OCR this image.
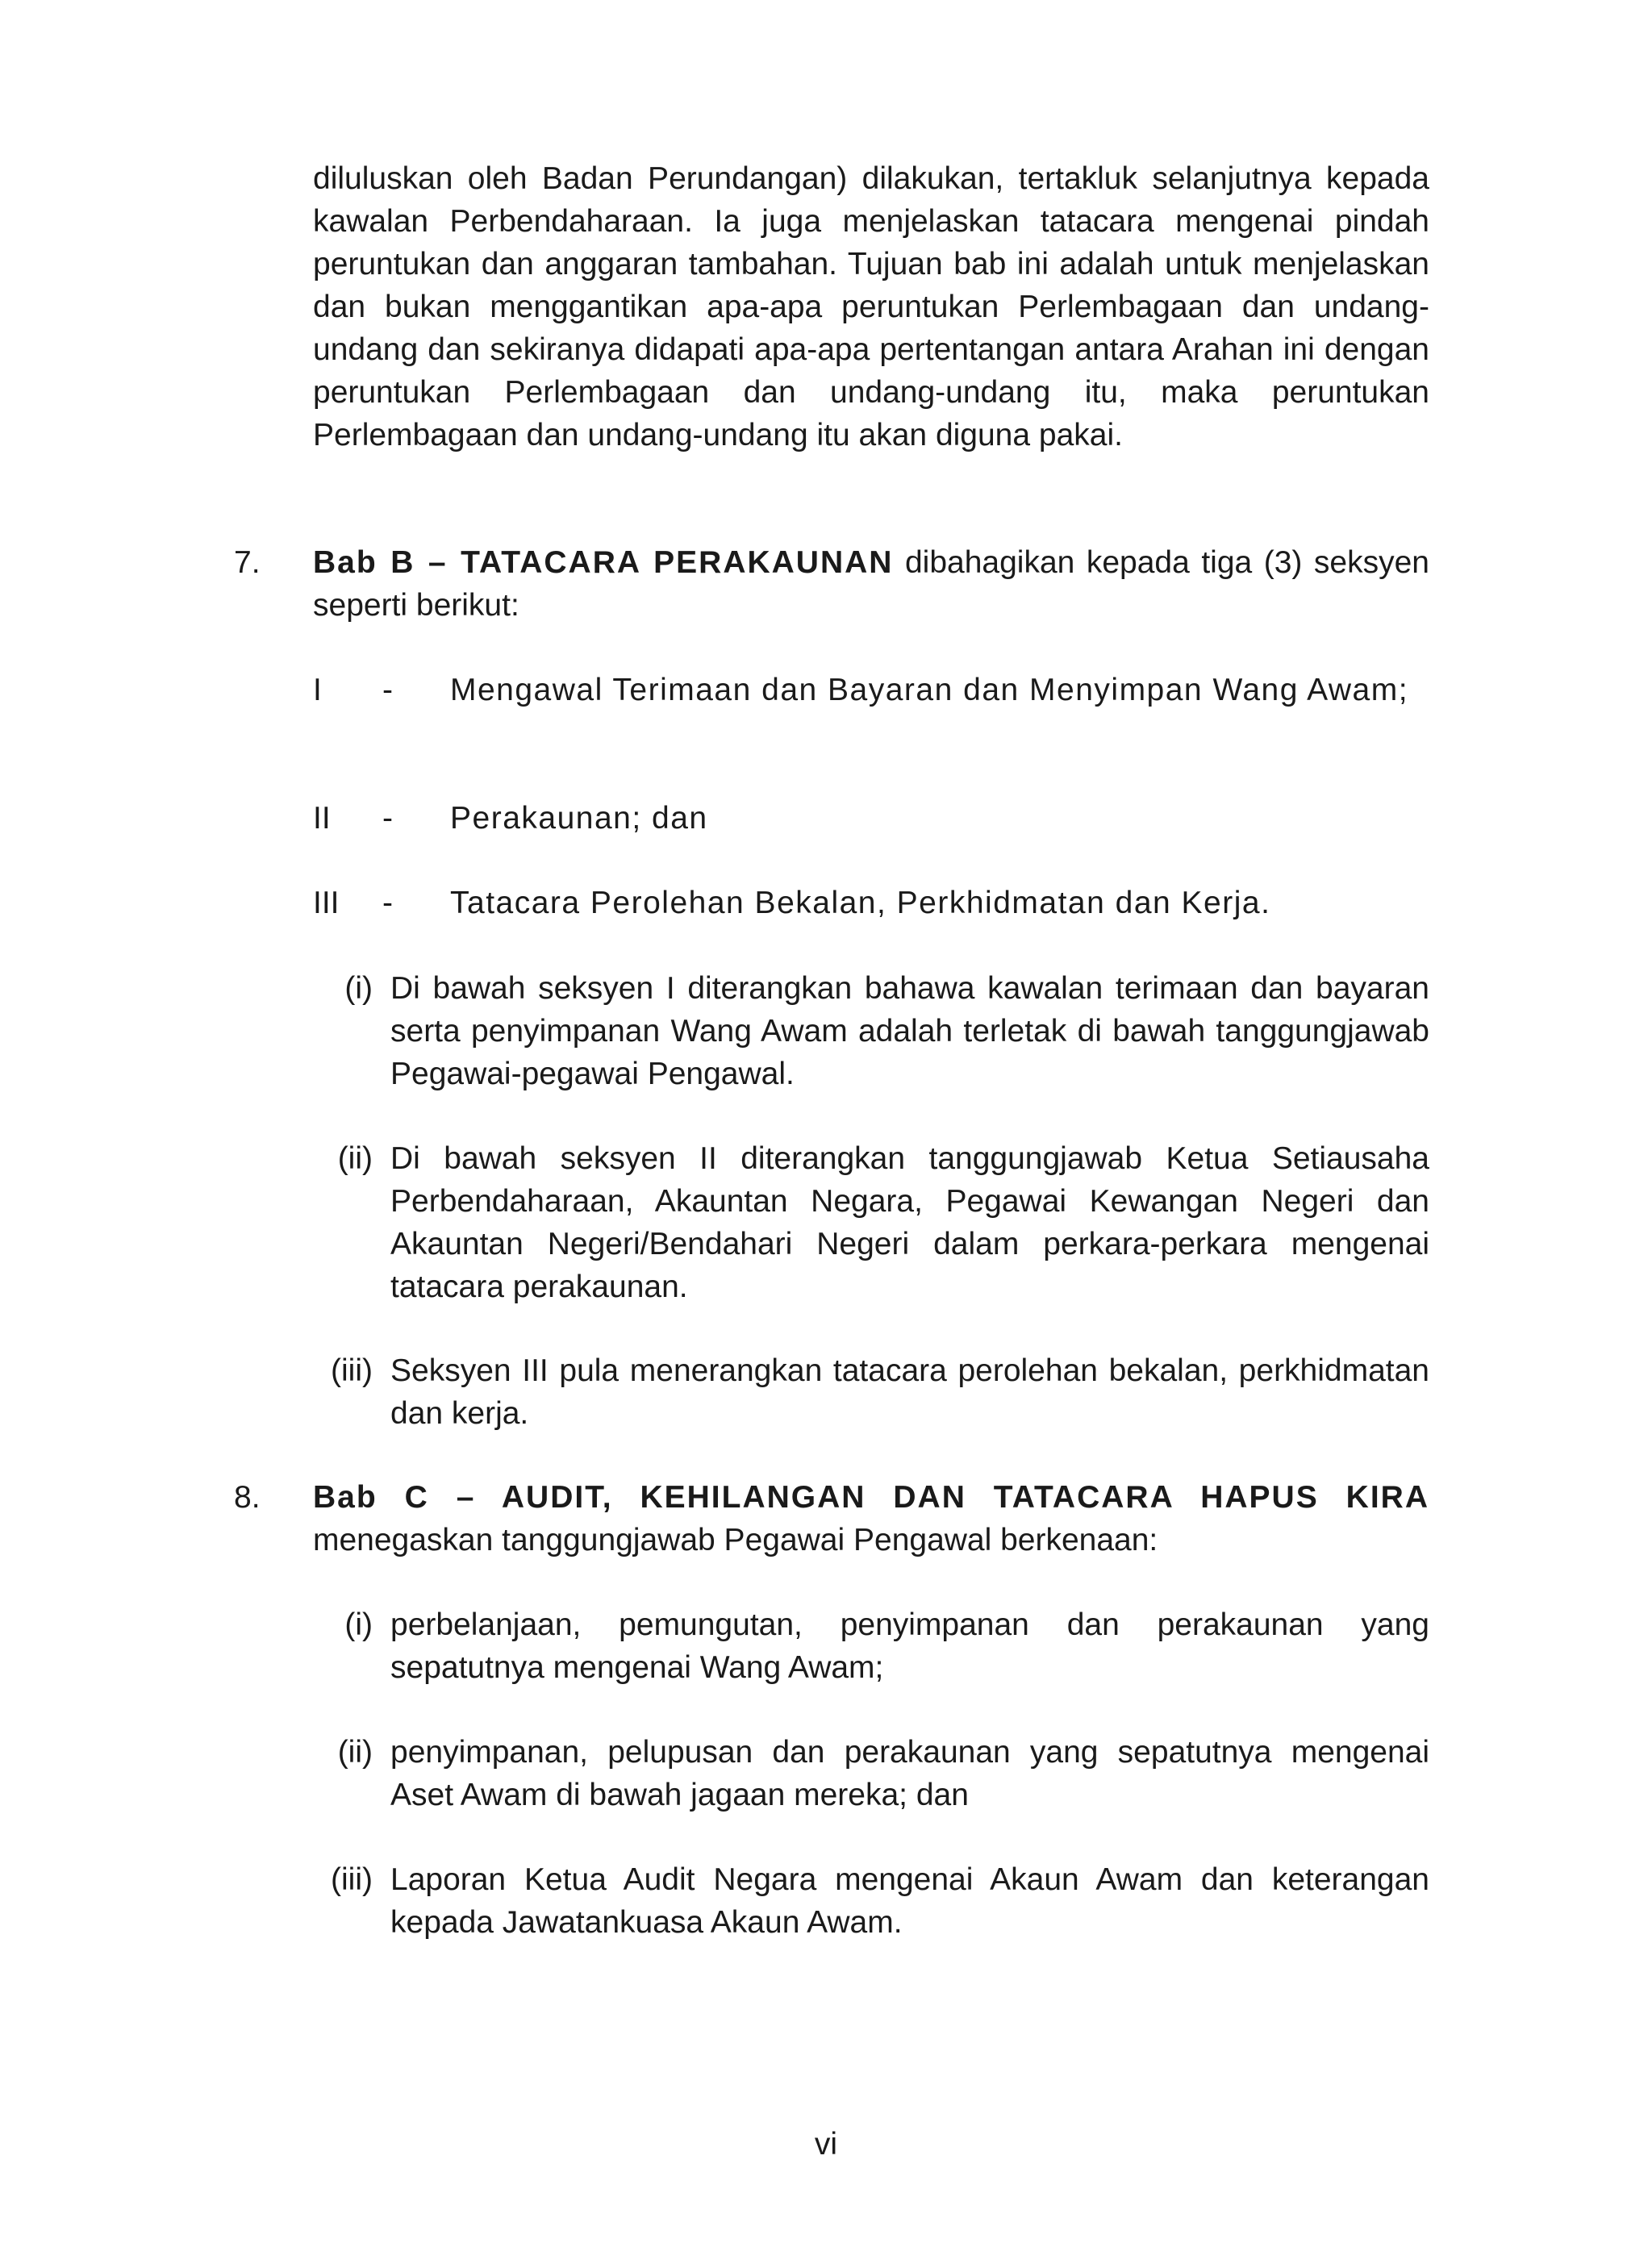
diluluskan oleh Badan Perundangan) dilakukan, tertakluk selanjutnya kepada kawalan Perbendaharaan. Ia juga menjelaskan tatacara mengenai pindah peruntukan dan anggaran tambahan. Tujuan bab ini adalah untuk menjelaskan dan bukan menggantikan apa-apa peruntukan Perlembagaan dan undang-undang dan sekiranya didapati apa-apa pertentangan antara Arahan ini dengan peruntukan Perlembagaan dan undang-undang itu, maka peruntukan Perlembagaan dan undang-undang itu akan diguna pakai.
7.	Bab B – TATACARA PERAKAUNAN dibahagikan kepada tiga (3) seksyen seperti berikut:
I	-	Mengawal Terimaan dan Bayaran dan Menyimpan Wang Awam;
II	-	Perakaunan; dan
III	-	Tatacara Perolehan Bekalan, Perkhidmatan dan Kerja.
(i) Di bawah seksyen I diterangkan bahawa kawalan terimaan dan bayaran serta penyimpanan Wang Awam adalah terletak di bawah tanggungjawab Pegawai-pegawai Pengawal.
(ii) Di bawah seksyen II diterangkan tanggungjawab Ketua Setiausaha Perbendaharaan, Akauntan Negara, Pegawai Kewangan Negeri dan Akauntan Negeri/Bendahari Negeri dalam perkara-perkara mengenai tatacara perakaunan.
(iii) Seksyen III pula menerangkan tatacara perolehan bekalan, perkhidmatan dan kerja.
8.	Bab C – AUDIT, KEHILANGAN DAN TATACARA HAPUS KIRA menegaskan tanggungjawab Pegawai Pengawal berkenaan:
(i) perbelanjaan, pemungutan, penyimpanan dan perakaunan yang sepatutnya mengenai Wang Awam;
(ii) penyimpanan, pelupusan dan perakaunan yang sepatutnya mengenai Aset Awam di bawah jagaan mereka; dan
(iii) Laporan Ketua Audit Negara mengenai Akaun Awam dan keterangan kepada Jawatankuasa Akaun Awam.
vi
